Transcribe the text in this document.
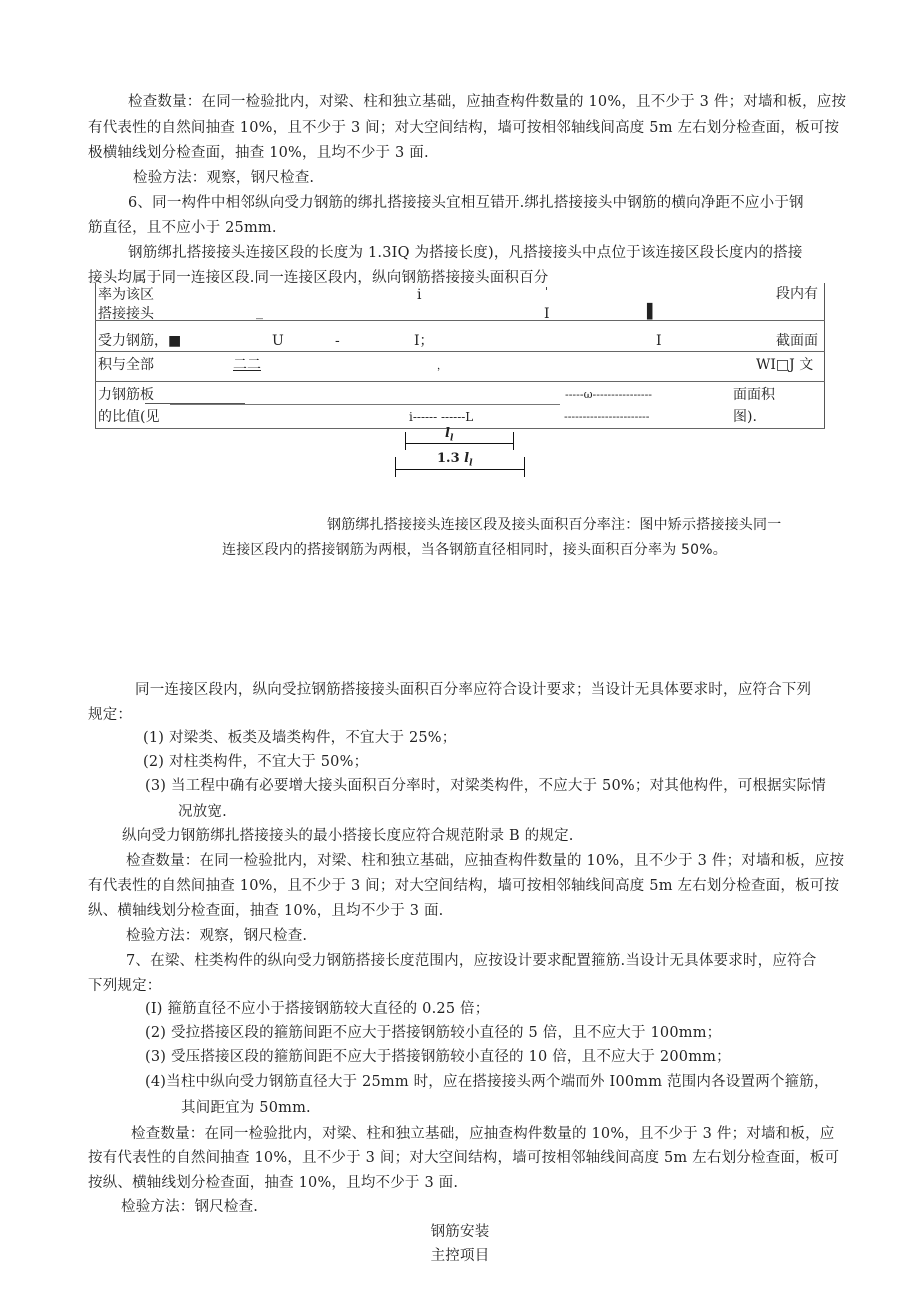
检查数量：在同一检验批内，对梁、柱和独立基础，应抽查构件数量的 10%，且不少于 3 件；对墙和板，应按
有代表性的自然间抽查 10%，且不少于 3 间；对大空间结构，墙可按相邻轴线间高度 5m 左右划分检查面，板可按
极横轴线划分检查面，抽查 10%，且均不少于 3 面.
检验方法：观察，钢尺检查.
6、同一构件中相邻纵向受力钢筋的绑扎搭接接头宜相互错开.绑扎搭接接头中钢筋的横向净距不应小于钢
筋直径，且不应小于 25mm.
钢筋绑扎搭接接头连接区段的长度为 1.3IQ 为搭接长度)，凡搭接接头中点位于该连接区段长度内的搭接
接头均属于同一连接区段.同一连接区段内，纵向钢筋搭接接头面积百分
率为该区	i	'	段内有
搭接接头	_	I	▌
受力钢筋，■	U	-	I；	I	截面面
积与全部	二二	，	WI□J 文
力钢筋板	-----ω----------------	面面积
的比值(见	i------ ------L	-----------------------	图).
$l_l$
1.3 $l_l$
钢筋绑扎搭接接头连接区段及接头面积百分率注：图中矫示搭接接头同一
连接区段内的搭接钢筋为两根，当各钢筋直径相同时，接头面积百分率为 50%。
同一连接区段内，纵向受拉钢筋搭接接头面积百分率应符合设计要求；当设计无具体要求时，应符合下列
规定：
(1) 对梁类、板类及墙类构件，不宜大于 25%；
(2) 对柱类构件，不宜大于 50%；
(3) 当工程中确有必要增大接头面积百分率时，对梁类构件，不应大于 50%；对其他构件，可根据实际情
况放宽.
纵向受力钢筋绑扎搭接接头的最小搭接长度应符合规范附录 B 的规定.
检查数量：在同一检验批内，对梁、柱和独立基础，应抽查构件数量的 10%，且不少于 3 件；对墙和板，应按
有代表性的自然间抽查 10%，且不少于 3 间；对大空间结构，墙可按相邻轴线间高度 5m 左右划分检查面，板可按
纵、横轴线划分检查面，抽查 10%，且均不少于 3 面.
检验方法：观察，钢尺检查.
7、在梁、柱类构件的纵向受力钢筋搭接长度范围内，应按设计要求配置箍筋.当设计无具体要求时，应符合
下列规定：
(I) 箍筋直径不应小于搭接钢筋较大直径的 0.25 倍；
(2) 受拉搭接区段的箍筋间距不应大于搭接钢筋较小直径的 5 倍，且不应大于 100mm；
(3) 受压搭接区段的箍筋间距不应大于搭接钢筋较小直径的 10 倍，且不应大于 200mm；
(4)当柱中纵向受力钢筋直径大于 25mm 时，应在搭接接头两个端而外 I00mm 范围内各设置两个箍筋，
其间距宜为 50mm.
检查数量：在同一检验批内，对梁、柱和独立基础，应抽查构件数量的 10%，且不少于 3 件；对墙和板，应
按有代表性的自然间抽查 10%，且不少于 3 间；对大空间结构，墙可按相邻轴线间高度 5m 左右划分检查面，板可
按纵、横轴线划分检查面，抽查 10%，且均不少于 3 面.
检验方法：钢尺检查.
钢筋安装
主控项目
